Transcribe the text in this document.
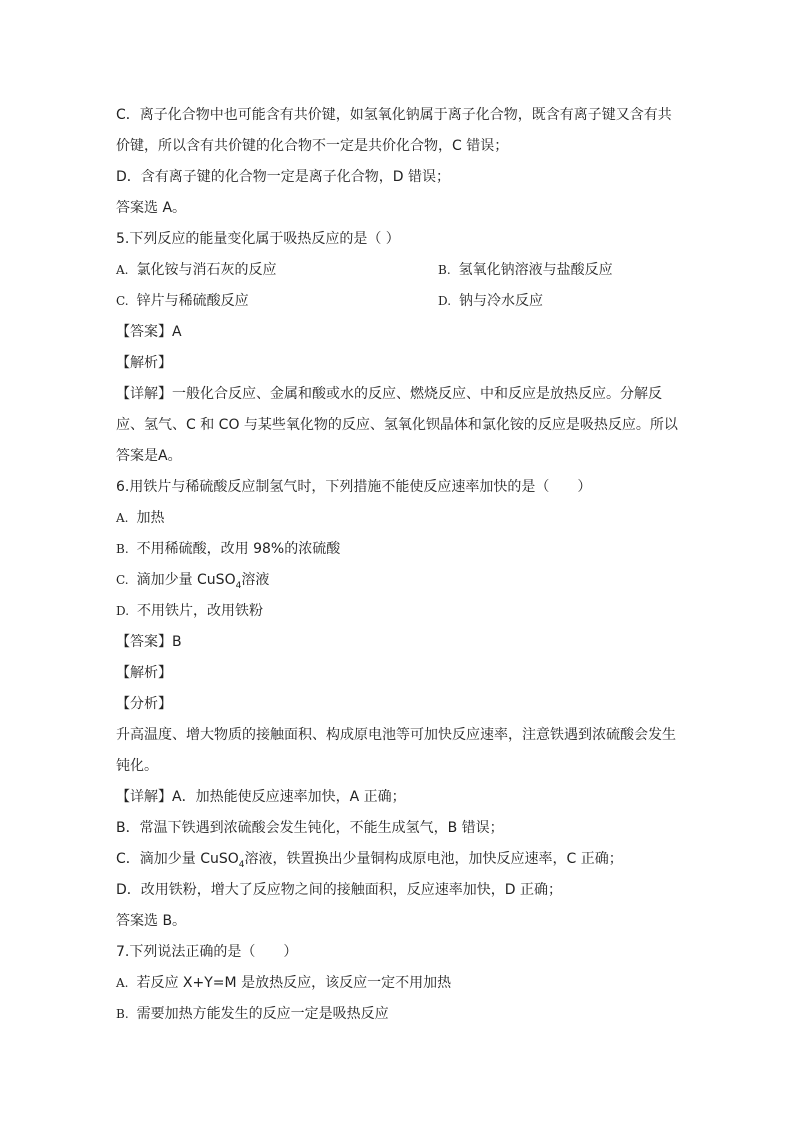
C．离子化合物中也可能含有共价键，如氢氧化钠属于离子化合物，既含有离子键又含有共价键，所以含有共价键的化合物不一定是共价化合物，C 错误；
D．含有离子键的化合物一定是离子化合物，D 错误；
答案选 A。
5.下列反应的能量变化属于吸热反应的是（ ）
A. 氯化铵与消石灰的反应	B. 氢氧化钠溶液与盐酸反应
C. 锌片与稀硫酸反应	D. 钠与冷水反应
【答案】A
【解析】
【详解】一般化合反应、金属和酸或水的反应、燃烧反应、中和反应是放热反应。分解反应、氢气、C 和 CO 与某些氧化物的反应、氢氧化钡晶体和氯化铵的反应是吸热反应。所以答案是A。
6.用铁片与稀硫酸反应制氢气时，下列措施不能使反应速率加快的是（　　）
A. 加热
B. 不用稀硫酸，改用 98%的浓硫酸
C. 滴加少量 CuSO$_4$溶液
D. 不用铁片，改用铁粉
【答案】B
【解析】
【分析】
升高温度、增大物质的接触面积、构成原电池等可加快反应速率，注意铁遇到浓硫酸会发生钝化。
【详解】A．加热能使反应速率加快，A 正确；
B．常温下铁遇到浓硫酸会发生钝化，不能生成氢气，B 错误；
C．滴加少量 CuSO$_4$溶液，铁置换出少量铜构成原电池，加快反应速率，C 正确；
D．改用铁粉，增大了反应物之间的接触面积，反应速率加快，D 正确；
答案选 B。
7.下列说法正确的是（　　）
A. 若反应 X+Y=M 是放热反应，该反应一定不用加热
B. 需要加热方能发生的反应一定是吸热反应
